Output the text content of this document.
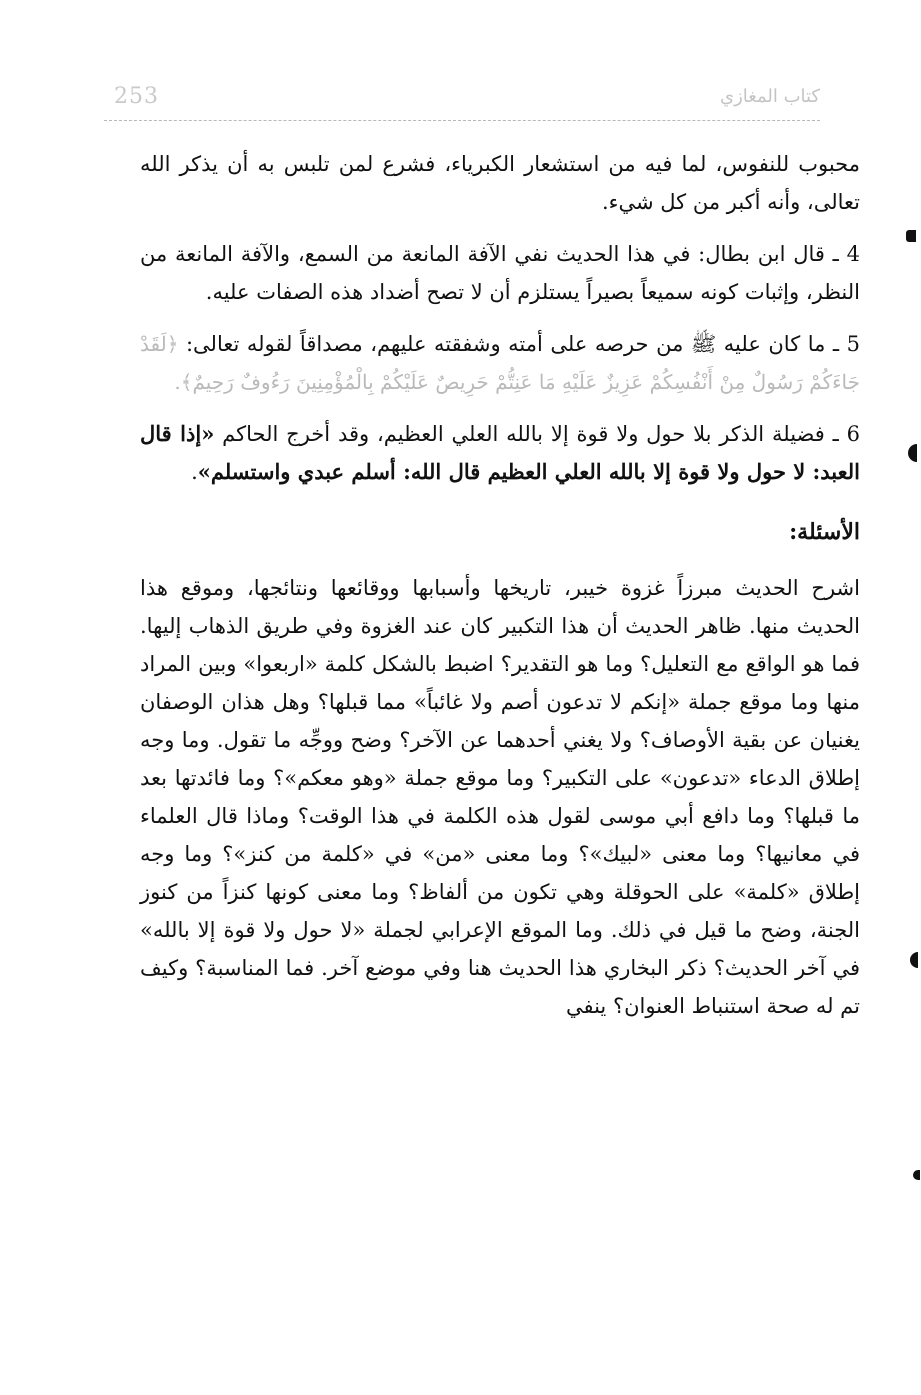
253	كتاب المغازي

محبوب للنفوس، لما فيه من استشعار الكبرياء، فشرع لمن تلبس به أن يذكر الله تعالى، وأنه أكبر من كل شيء.

4 ـ قال ابن بطال: في هذا الحديث نفي الآفة المانعة من السمع، والآفة المانعة من النظر، وإثبات كونه سميعاً بصيراً يستلزم أن لا تصح أضداد هذه الصفات عليه.

5 ـ ما كان عليه ﷺ من حرصه على أمته وشفقته عليهم، مصداقاً لقوله تعالى: ﴿لَقَدْ جَاءَكُمْ رَسُولٌ مِنْ أَنْفُسِكُمْ عَزِيزٌ عَلَيْهِ مَا عَنِتُّمْ حَرِيصٌ عَلَيْكُمْ بِالْمُؤْمِنِينَ رَءُوفٌ رَحِيمٌ﴾.

6 ـ فضيلة الذكر بلا حول ولا قوة إلا بالله العلي العظيم، وقد أخرج الحاكم «إذا قال العبد: لا حول ولا قوة إلا بالله العلي العظيم قال الله: أسلم عبدي واستسلم».

الأسئلة:

اشرح الحديث مبرزاً غزوة خيبر، تاريخها وأسبابها ووقائعها ونتائجها، وموقع هذا الحديث منها. ظاهر الحديث أن هذا التكبير كان عند الغزوة وفي طريق الذهاب إليها. فما هو الواقع مع التعليل؟ وما هو التقدير؟ اضبط بالشكل كلمة «اربعوا» وبين المراد منها وما موقع جملة «إنكم لا تدعون أصم ولا غائباً» مما قبلها؟ وهل هذان الوصفان يغنيان عن بقية الأوصاف؟ ولا يغني أحدهما عن الآخر؟ وضح ووجِّه ما تقول. وما وجه إطلاق الدعاء «تدعون» على التكبير؟ وما موقع جملة «وهو معكم»؟ وما فائدتها بعد ما قبلها؟ وما دافع أبي موسى لقول هذه الكلمة في هذا الوقت؟ وماذا قال العلماء في معانيها؟ وما معنى «لبيك»؟ وما معنى «من» في «كلمة من كنز»؟ وما وجه إطلاق «كلمة» على الحوقلة وهي تكون من ألفاظ؟ وما معنى كونها كنزاً من كنوز الجنة، وضح ما قيل في ذلك. وما الموقع الإعرابي لجملة «لا حول ولا قوة إلا بالله» في آخر الحديث؟ ذكر البخاري هذا الحديث هنا وفي موضع آخر. فما المناسبة؟ وكيف تم له صحة استنباط العنوان؟ ينفي
